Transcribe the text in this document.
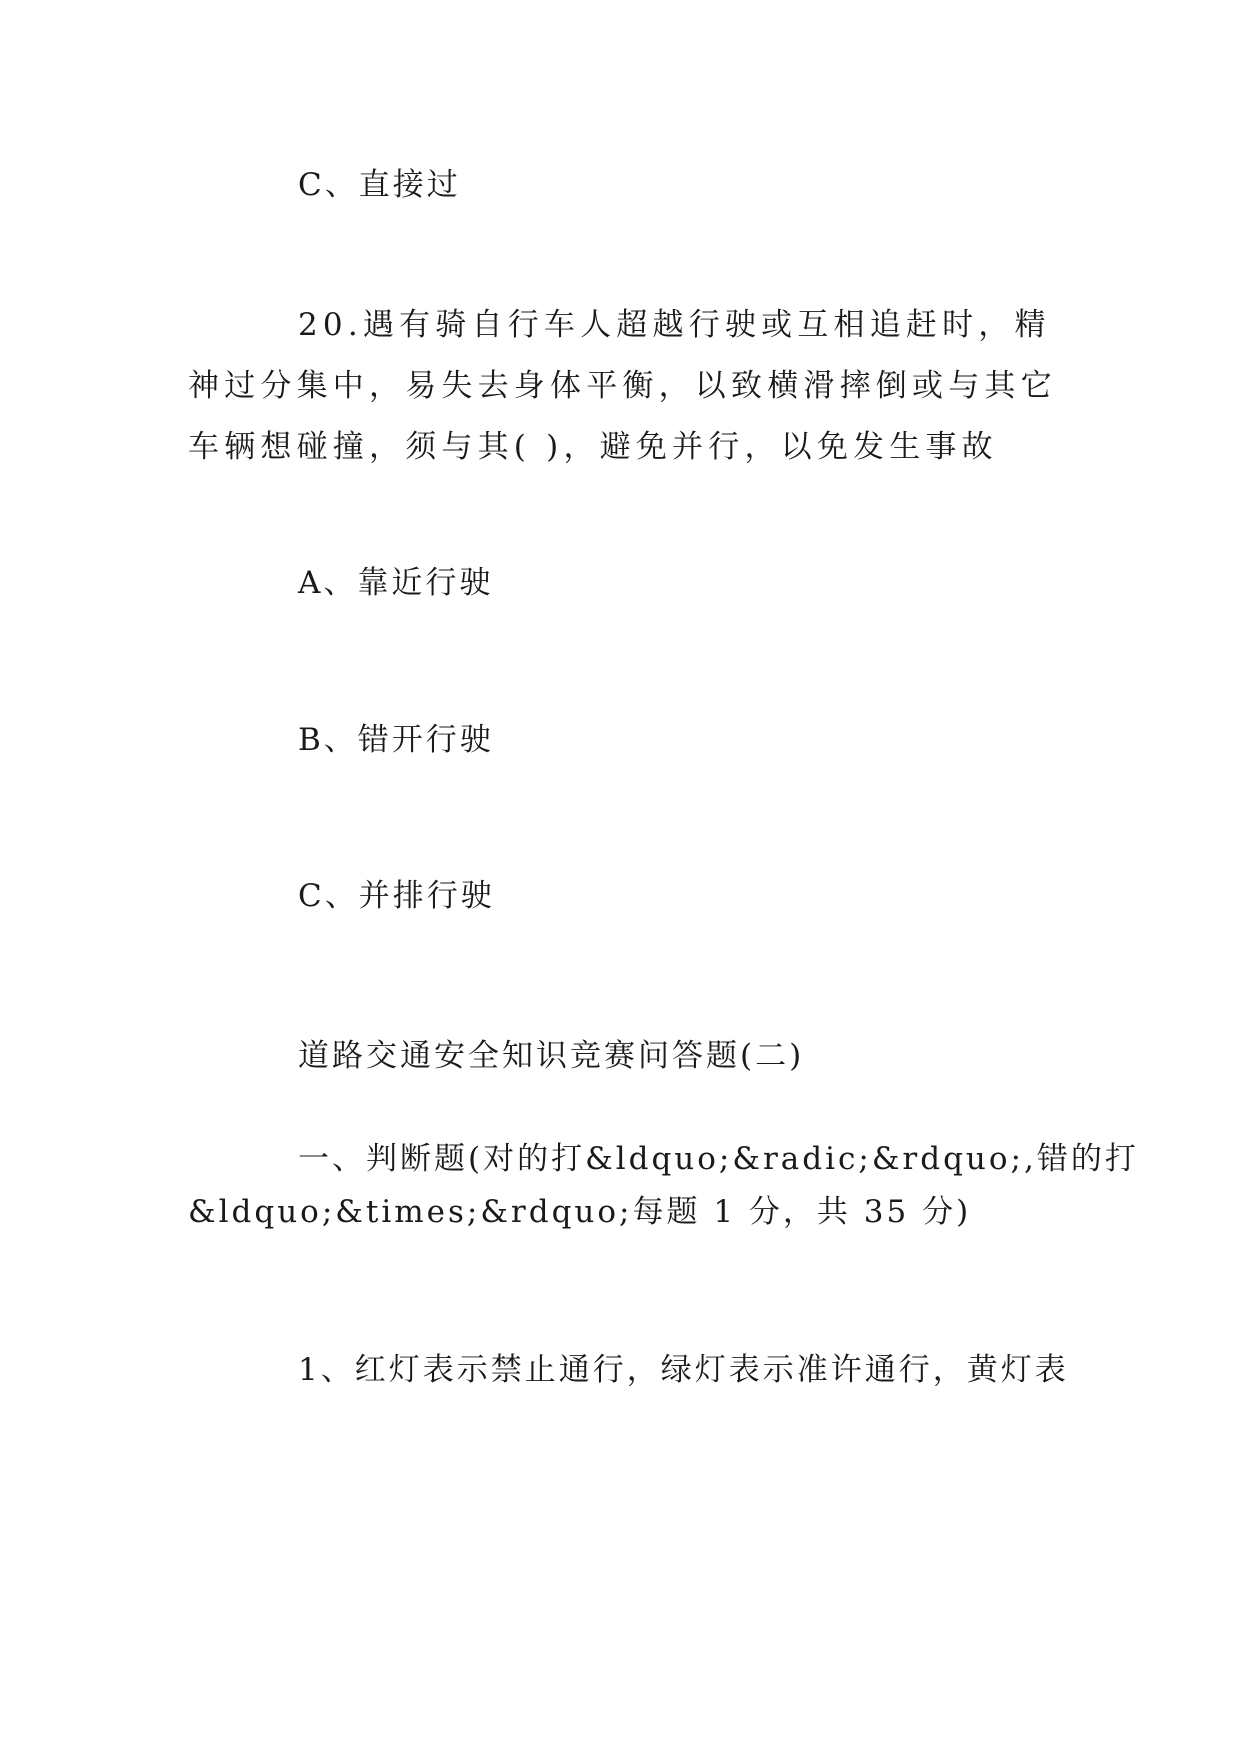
C、直接过
20.遇有骑自行车人超越行驶或互相追赶时，精神过分集中，易失去身体平衡，以致横滑摔倒或与其它车辆想碰撞，须与其( )，避免并行，以免发生事故
A、靠近行驶
B、错开行驶
C、并排行驶
道路交通安全知识竞赛问答题(二)
一、判断题(对的打&ldquo;&radic;&rdquo;,错的打
&ldquo;&times;&rdquo;每题 1 分，共 35 分)
1、红灯表示禁止通行，绿灯表示准许通行，黄灯表
